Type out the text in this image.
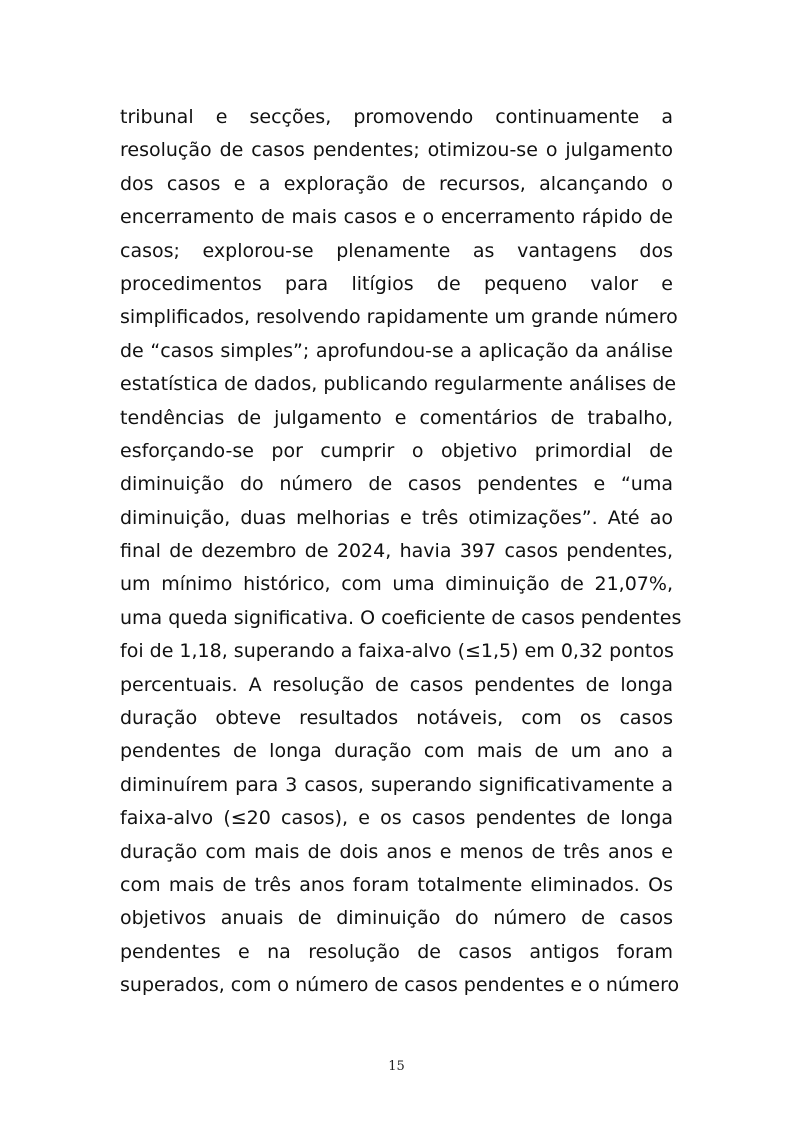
tribunal e secções, promovendo continuamente a
resolução de casos pendentes; otimizou-se o julgamento
dos casos e a exploração de recursos, alcançando o
encerramento de mais casos e o encerramento rápido de
casos; explorou-se plenamente as vantagens dos
procedimentos para litígios de pequeno valor e
simplificados, resolvendo rapidamente um grande número
de “casos simples”; aprofundou-se a aplicação da análise
estatística de dados, publicando regularmente análises de
tendências de julgamento e comentários de trabalho,
esforçando-se por cumprir o objetivo primordial de
diminuição do número de casos pendentes e “uma
diminuição, duas melhorias e três otimizações”. Até ao
final de dezembro de 2024, havia 397 casos pendentes,
um mínimo histórico, com uma diminuição de 21,07%,
uma queda significativa. O coeficiente de casos pendentes
foi de 1,18, superando a faixa-alvo (≤1,5) em 0,32 pontos
percentuais. A resolução de casos pendentes de longa
duração obteve resultados notáveis, com os casos
pendentes de longa duração com mais de um ano a
diminuírem para 3 casos, superando significativamente a
faixa-alvo (≤20 casos), e os casos pendentes de longa
duração com mais de dois anos e menos de três anos e
com mais de três anos foram totalmente eliminados. Os
objetivos anuais de diminuição do número de casos
pendentes e na resolução de casos antigos foram
superados, com o número de casos pendentes e o número

15
